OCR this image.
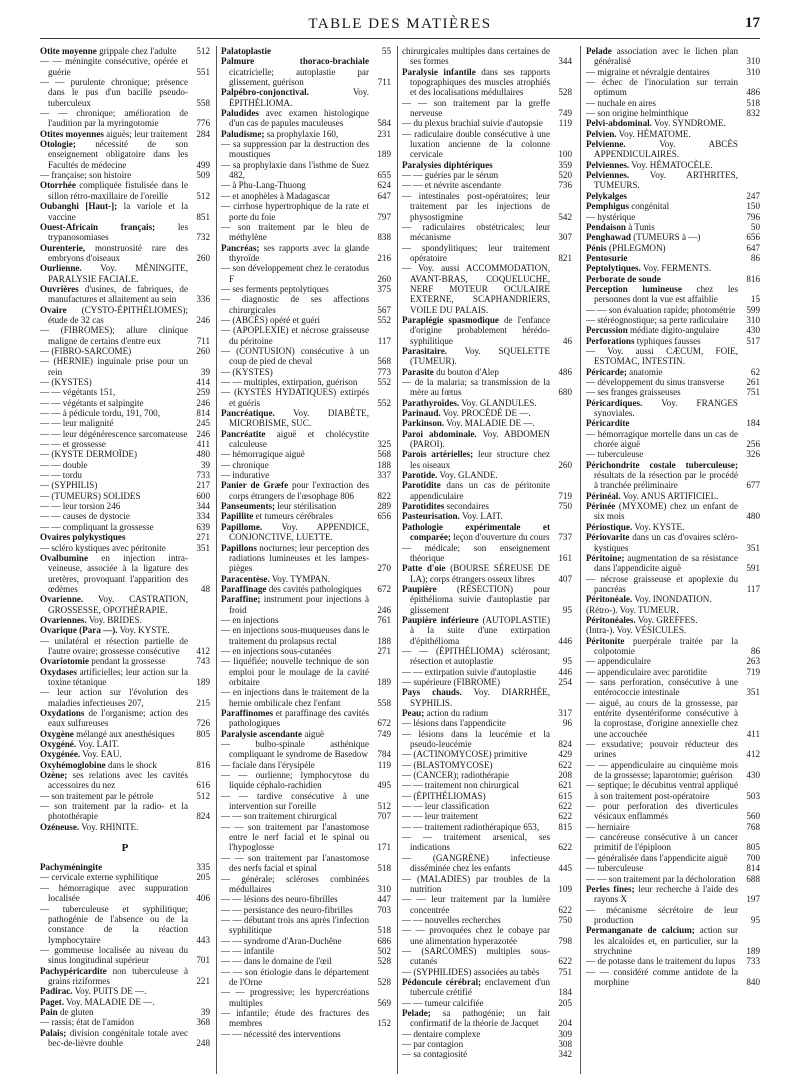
TABLE DES MATIÈRES	17

Otite moyenne grippale chez l'adulte 512

— — méningite consécutive, opérée et guérie	551

— — purulente chronique; présence dans le pus d'un bacille pseudo-tuberculeux	558

— — chronique; amélioration de l'audition par la myringotomie	776

Otites moyennes aiguës; leur traitement 284

Otologie; nécessité de son enseignement obligatoire dans les Facultés de médecine	499

— française; son histoire	509

Otorrhée compliquée fistulisée dans le sillon rétro-maxillaire de l'oreille	512

Oubanghi [Haut-]; la variole et la vaccine	851

Ouest-Africain français; les trypanosomiases	732

Ourenterie, monstruosité rare des embryons d'oiseaux	260

Ourlienne. Voy. MÉNINGITE, PARALYSIE FACIALE.

Ouvrières d'usines, de fabriques, de manufactures et allaitement au sein 336

Ovaire (CYSTO-ÉPITHÉLIOMES); étude de 32 cas	246

— (FIBROMES); allure clinique maligne de certains d'entre eux	711

— (FIBRO-SARCOME)	260

— (HERNIE) inguinale prise pour un rein	39

— (KYSTES)	414

— — végétants 151,	259

— — végétants et salpingite	246

— — à pédicule tordu, 191, 700,	814

— — leur malignité	245

— — leur dégénérescence sarcomateuse 246

— — et grossesse	411

— (KYSTE DERMOÏDE)	480

— — double	39

— — tordu	733

— (SYPHILIS)	217

— (TUMEURS) SOLIDES	600

— — leur torsion 246	344

— — causes de dystocie	334

— — compliquant la grossesse	639

Ovaires polykystiques	271

— scléro kystiques avec péritonite	351

Ovalbumine en injection intra-veineuse, associée à la ligature des uretères, provoquant l'apparition des œdèmes	48

Ovarienne. Voy. CASTRATION, GROSSESSE, OPOTHÉRAPIE.

Ovariennes. Voy. BRIDES.

Ovarique (Para —). Voy. KYSTE.

— unilatéral et résection partielle de l'autre ovaire; grossesse consécutive 412

Ovariotomie pendant la grossesse	743

Oxydases artificielles; leur action sur la toxine tétanique	189

— leur action sur l'évolution des maladies infectieuses 207,	215

Oxydations de l'organisme; action des eaux sulfureuses	726

Oxygène mélangé aux anesthésiques 805

Oxygéné. Voy. LAIT.

Oxygénée. Voy. EAU.

Oxyhémoglobine dans le shock	816

Ozène; ses relations avec les cavités accessoires du nez	616

— son traitement par le pétrole	512

— son traitement par la radio- et la photothérapie	824

Ozéneuse. Voy. RHINITE.

P

Pachyméningite	335

— cervicale externe syphilitique	205

— hémorragique avec suppuration localisée	406

— tuberculeuse et syphilitique; pathogénie de l'absence ou de la constance de la réaction lymphocytaire	443

— gommeuse localisée au niveau du sinus longitudinal supérieur	701

Pachypéricardite non tuberculeuse à grains riziformes	221

Padirac. Voy. PUITS DE —.

Paget. Voy. MALADIE DE —.

Pain de gluten	39

— rassis; état de l'amidon	368

Palais; division congénitale totale avec bec-de-lièvre double	248

Palatoplastie	55

Palmure thoraco-brachiale cicatricielle; autoplastie par glissement, guérison	711

Palpébro-conjonctival. Voy. ÉPITHÉLIOMA.

Paludides avec examen histologique d'un cas de papules maculeuses	584

Paludisme; sa prophylaxie 160,	231

— sa suppression par la destruction des moustiques	189

— sa prophylaxie dans l'isthme de Suez 482,	655

— à Phu-Lang-Thuong	624

— et anophèles à Madagascar	647

— cirrhose hypertrophique de la rate et porte du foie	797

— son traitement par le bleu de méthylène	838

Pancréas; ses rapports avec la glande thyroïde	216

— son développement chez le ceratodus F	260

— ses ferments peptolytiques	375

— diagnostic de ses affections chirurgicales	567

— (ABCÈS) opéré et guéri	552

— (APOPLEXIE) et nécrose graisseuse du péritoine	117

— (CONTUSION) consécutive à un coup de pied de cheval	568

— (KYSTES)	773

— — multiples, extirpation, guérison 552

— (KYSTES HYDATIQUES) extirpés et guéris	552

Pancréatique. Voy. DIABÈTE, MICROBISME, SUC.

Pancréatite aiguë et cholécystite calculeuse	325

— hémorragique aiguë	568

— chronique	188

— indurative	337

Panier de Græfe pour l'extraction des corps étrangers de l'œsophage 806	822

Panseuments; leur stérilisation	289

Papillite et tumeurs cérébrales	656

Papillome. Voy. APPENDICE, CONJONCTIVE, LUETTE.

Papillons nocturnes; leur perception des radiations lumineuses et les lampes-pièges	270

Paracentèse. Voy. TYMPAN.

Paraffinage des cavités pathologiques 672

Paraffine; instrument pour injections à froid	246

— en injections	761

— en injections sous-muqueuses dans le traitement du prolapsus rectal	188

— en injections sous-cutanées	271

— liquéfiée; nouvelle technique de son emploi pour le moulage de la cavité orbitaire	189

— en injections dans le traitement de la hernie ombilicale chez l'enfant	558

Paraffinomes et paraffinage des cavités pathologiques	672

Paralysie ascendante aiguë	749

— bulbo-spinale asthénique compliquant le syndrome de Basedow 784

— faciale dans l'érysipèle	119

— — ourlienne; lymphocytose du liquide céphalo-rachidien	495

— — tardive consécutive à une intervention sur l'oreille	512

— — son traitement chirurgical	707

— — son traitement par l'anastomose entre le nerf facial et le spinal ou l'hypoglosse	171

— — son traitement par l'anastomose des nerfs facial et spinal	518

— générale; scléroses combinées médullaires	310

— — lésions des neuro-fibrilles	447

— — persistance des neuro-fibrilles	703

— — débutant trois ans après l'infection syphilitique	518

— — syndrome d'Aran-Duchêne	686

— — infantile	502

— — dans le domaine de l'œil	528

— — son étiologie dans le département de l'Orne	528

— — progressive; les hypercréations multiples	569

— infantile; étude des fractures des membres	152

— — nécessité des interventions

chirurgicales multiples dans certaines de ses formes	344

Paralysie infantile dans ses rapports topographiques des muscles atrophiés et des localisations médullaires	528

— — son traitement par la greffe nerveuse	749

— du plexus brachial suivie d'autopsie 119

— radiculaire double consécutive à une luxation ancienne de la colonne cervicale	100

Paralysies diphtériques	359

— — guéries par le sérum	520

— — et névrite ascendante	736

— intestinales post-opératoires; leur traitement par les injections de physostigmine	542

— radiculaires obstétricales; leur mécanisme	307

— spondylitiques; leur traitement opératoire	821

— Voy. aussi ACCOMMODATION, AVANT-BRAS, COQUELUCHE, NERF MOTEUR OCULAIRE EXTERNE, SCAPHANDRIERS, VOILE DU PALAIS.

Paraplégie spasmodique de l'enfance d'origine probablement hérédo-syphilitique	46

Parasitaire. Voy. SQUELETTE (TUMEUR).

Parasite du bouton d'Alep	486

— de la malaria; sa transmission de la mère au fœtus	680

Parathyroïdes. Voy. GLANDULES.

Parinaud. Voy. PROCÉDÉ DE —.

Parkinson. Voy. MALADIE DE —.

Paroi abdominale. Voy. ABDOMEN (PAROI).

Parois artérielles; leur structure chez les oiseaux	260

Parotide. Voy. GLANDE.

Parotidite dans un cas de péritonite appendiculaire	719

Parotidites secondaires	750

Pasteurisation. Voy. LAIT.

Pathologie expérimentale et comparée; leçon d'ouverture du cours 737

— médicale; son enseignement théorique	161

Patte d'oie (BOURSE SÉREUSE DE LA); corps étrangers osseux libres	407

Paupière (RÉSECTION) pour épithélioma suivie d'autoplastie par glissement	95

Paupière inférieure (AUTOPLASTIE) à la suite d'une extirpation d'épithélioma	446

— — (ÉPITHÉLIOMA) sclérosant; résection et autoplastie	95

— — extirpation suivie d'autoplastie 446

— supérieure (FIBROME)	254

Pays chauds. Voy. DIARRHÉE, SYPHILIS.

Peau; action du radium	317

— lésions dans l'appendicite	96

— lésions dans la leucémie et la pseudo-leucémie	824

— (ACTINOMYCOSE) primitive	429

— (BLASTOMYCOSE)	622

— (CANCER); radiothérapie	208

— — traitement non chirurgical	621

— (ÉPITHÉLIOMAS)	615

— — leur classification	622

— — leur traitement	622

— — traitement radiothérapique 653, 815

— — traitement arsenical, ses indications	622

— (GANGRÈNE) infectieuse disséminée chez les enfants	445

— (MALADIES) par troubles de la nutrition	109

— — leur traitement par la lumière concentrée	622

— — nouvelles recherches	750

— — provoquées chez le cobaye par une alimentation hyperazotée	798

— (SARCOMES) multiples sous-cutanés	622

— (SYPHILIDES) associées au tabès 751

Pédoncule cérébral; enclavement d'un tubercule crétifié	184

— — tumeur calcifiée	205

Pelade; sa pathogénie; un fait confirmatif de la théorie de Jacquet 204

— dentaire complexe	309

— par contagion	308

— sa contagiosité	342

Pelade association avec le lichen plan généralisé	310

— migraine et névralgie dentaires	310

— échec de l'inoculation sur terrain optimum	486

— nuchale en aires	518

— son origine helminthique	832

Pelvi-abdominal. Voy. SYNDROME.

Pelvien. Voy. HÉMATOME.

Pelvienne. Voy. ABCÈS APPENDICULAIRES.

Pelviennes. Voy. HÉMATOCÈLE.

Pelviennes. Voy. ARTHRITES, TUMEURS.

Pelykalges	247

Pemphigus congénital	150

— hystérique	796

Pendaison à Tunis	50

Penghawad (TUMEURS à —)	656

Pénis (PHLEGMON)	647

Pentosurie	86

Peptolytiques. Voy. FERMENTS.

Perborate de soude	816

Perception lumineuse chez les personnes dont la vue est affaiblie	15

— — son évaluation rapide; photométrie 599

— stéréognostique; sa perte radiculaire 310

Percussion médiate digito-angulaire	430

Perforations typhiques fausses	517

— Voy. aussi CÆCUM, FOIE, ESTOMAC, INTESTIN.

Péricarde; anatomie	62

— développement du sinus transverse 261

— ses franges graisseuses	751

Péricardiques. Voy. FRANGES synoviales.

Péricardite	184

— hémorragique mortelle dans un cas de chorée aiguë	256

— tuberculeuse	326

Périchondrite costale tuberculeuse; résultats de la résection par le procédé à tranchée préliminaire	677

Périnéal. Voy. ANUS ARTIFICIEL.

Périnée (MYXOME) chez un enfant de six mois	480

Périostique. Voy. KYSTE.

Périovarite dans un cas d'ovaires scléro-kystiques	351

Péritoine; augmentation de sa résistance dans l'appendicite aiguë	591

— nécrose graisseuse et apoplexie du pancréas	117

Péritonéale. Voy. INONDATION.

(Rétro-). Voy. TUMEUR.

Péritonéales. Voy. GREFFES.

(Intra-). Voy. VÉSICULES.

Péritonite puerpérale traitée par la colpotomie	86

— appendiculaire	263

— appendiculaire avec parotidite	719

— sans perforation, consécutive à une entérococcie intestinale	351

— aiguë, au cours de la grossesse, par entérite dysentériforme consécutive à la coprostase, d'origine annexielle chez une accouchée	411

— exsudative; pouvoir réducteur des urines	412

— — appendiculaire au cinquième mois de la grossesse; laparotomie; guérison 430

— septique; le décubitus ventral appliqué à son traitement post-opératoire	503

— pour perforation des diverticules vésicaux enflammés	560

— herniaire	768

— cancéreuse consécutive à un cancer primitif de l'épiploon	805

— généralisée dans l'appendicite aiguë 700

— tuberculeuse	814

— — son traitement par la décholoration 688

Perles fines; leur recherche à l'aide des rayons X	197

— mécanisme sécrétoire de leur production	95

Permanganate de calcium; action sur les alcaloïdes et, en particulier, sur la strychnine	189

— de potasse dans le traitement du lupus 733

— — considéré comme antidote de la morphine	840
